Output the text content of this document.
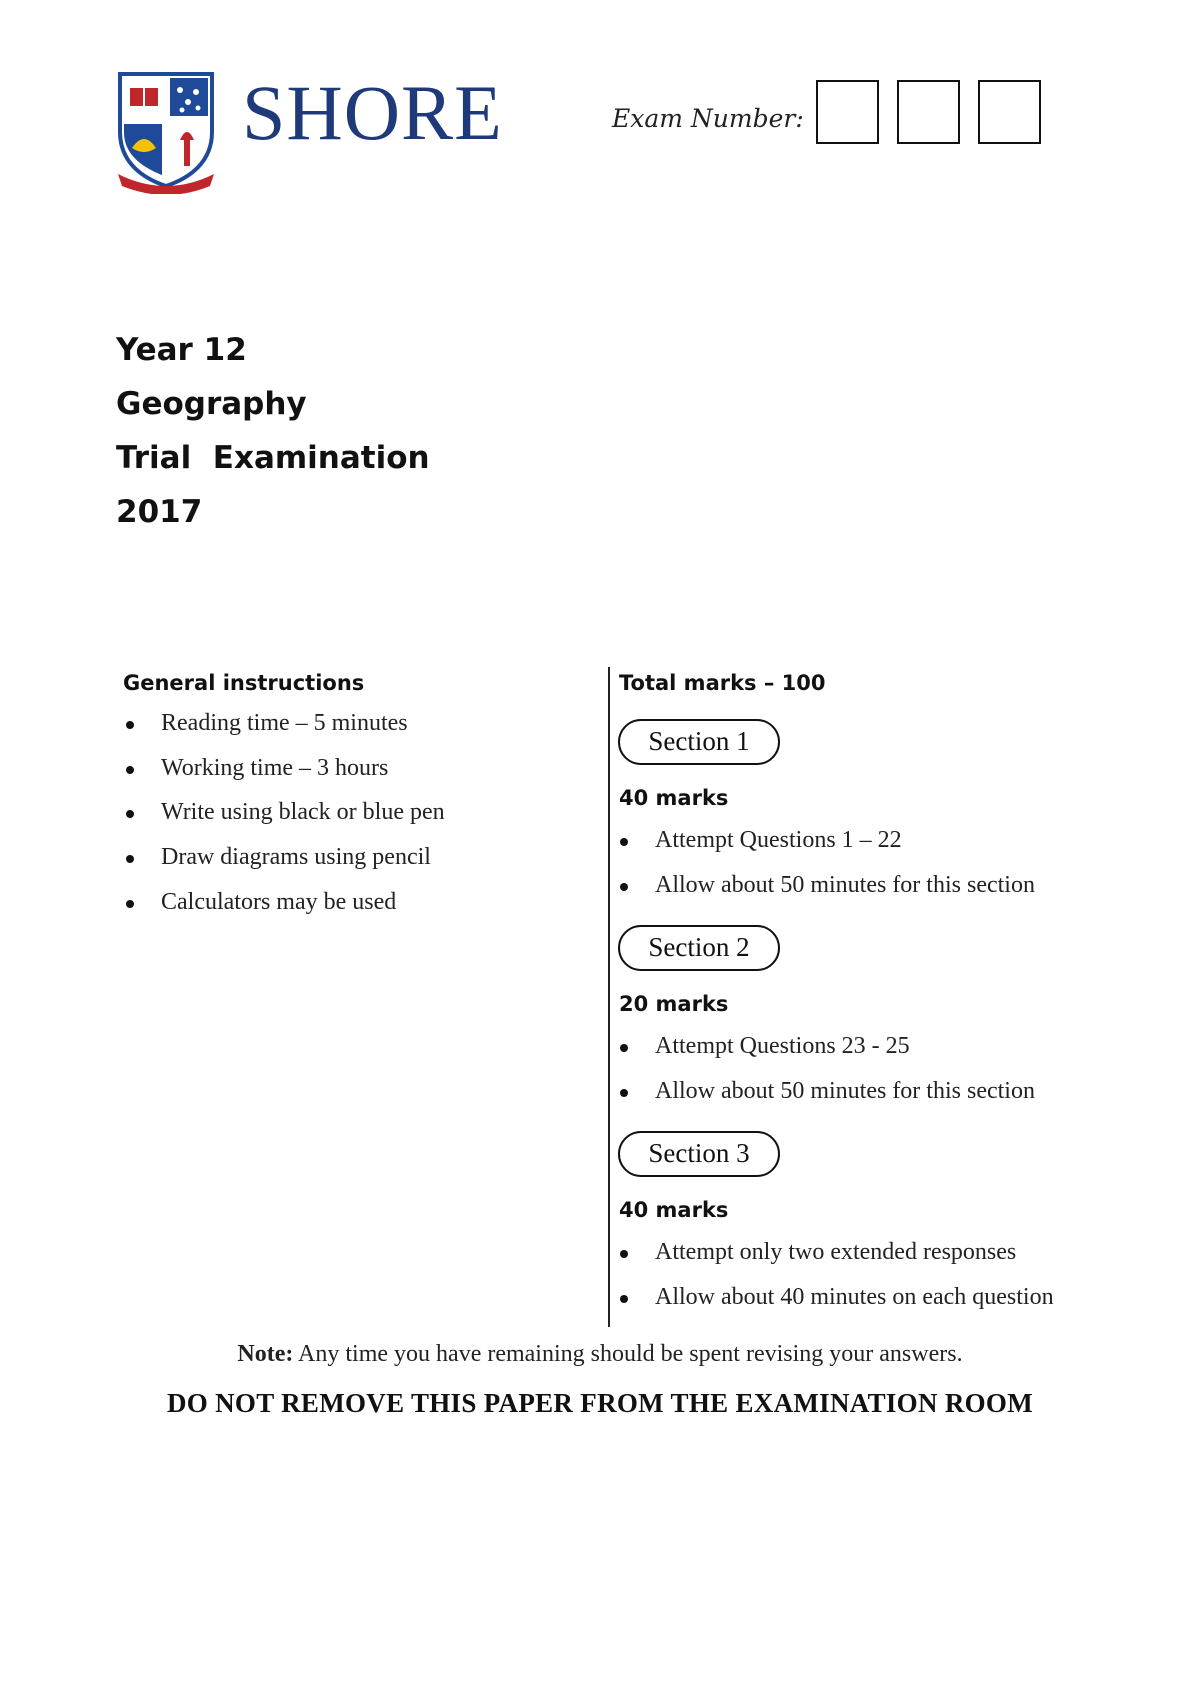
SHORE	Exam Number:
Year 12
Geography
Trial  Examination
2017
General instructions
Reading time – 5 minutes
Working time – 3 hours
Write using black or blue pen
Draw diagrams using pencil
Calculators may be used
Total marks – 100
Section 1
40 marks
Attempt Questions 1 – 22
Allow about 50 minutes for this section
Section 2
20 marks
Attempt Questions 23 - 25
Allow about 50 minutes for this section
Section 3
40 marks
Attempt only two extended responses
Allow about 40 minutes on each question
Note: Any time you have remaining should be spent revising your answers.
DO NOT REMOVE THIS PAPER FROM THE EXAMINATION ROOM
